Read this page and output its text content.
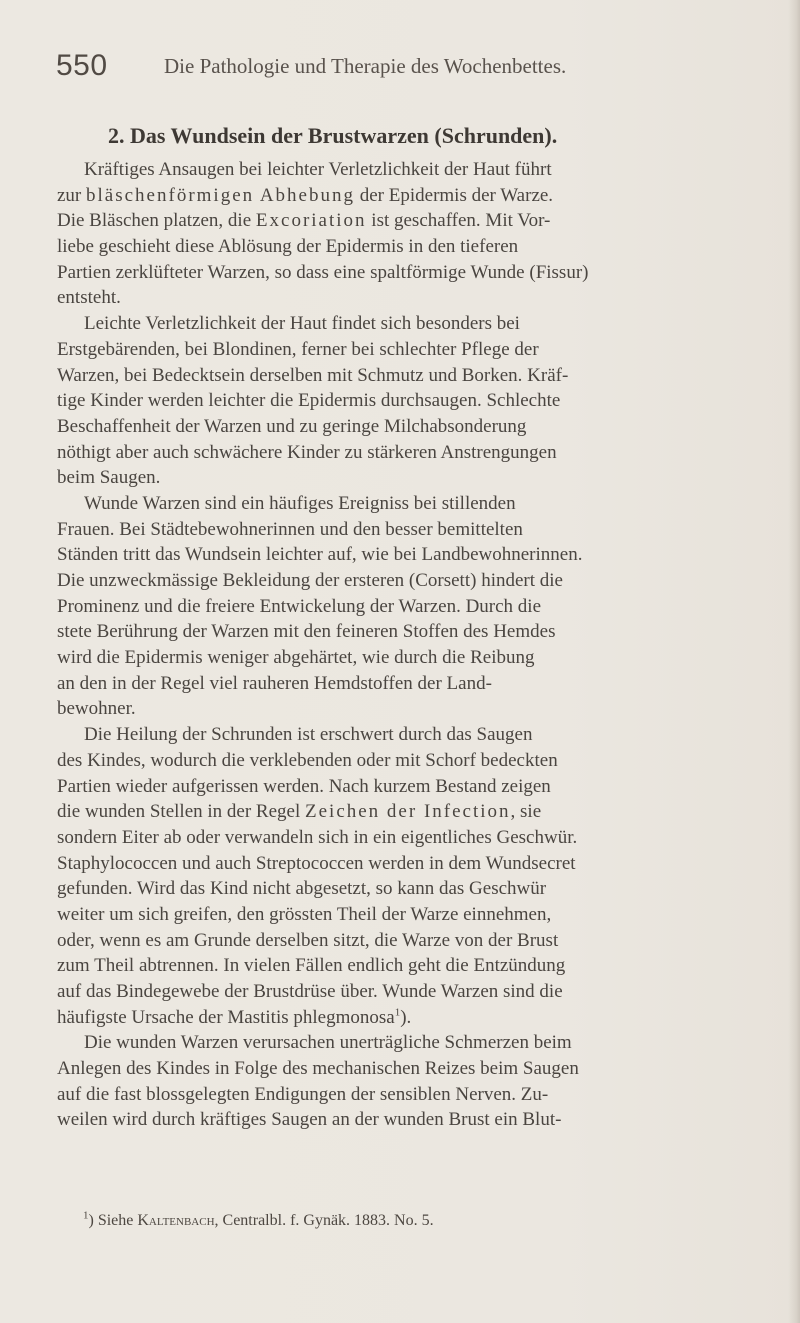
550	Die Pathologie und Therapie des Wochenbettes.
2. Das Wundsein der Brustwarzen (Schrunden).
Kräftiges Ansaugen bei leichter Verletzlichkeit der Haut führt
zur bläschenförmigen Abhebung der Epidermis der Warze.
Die Bläschen platzen, die Excoriation ist geschaffen. Mit Vor-
liebe geschieht diese Ablösung der Epidermis in den tieferen
Partien zerklüfteter Warzen, so dass eine spaltförmige Wunde (Fissur)
entsteht.
Leichte Verletzlichkeit der Haut findet sich besonders bei
Erstgebärenden, bei Blondinen, ferner bei schlechter Pflege der
Warzen, bei Bedecktsein derselben mit Schmutz und Borken. Kräf-
tige Kinder werden leichter die Epidermis durchsaugen. Schlechte
Beschaffenheit der Warzen und zu geringe Milchabsonderung
nöthigt aber auch schwächere Kinder zu stärkeren Anstrengungen
beim Saugen.
Wunde Warzen sind ein häufiges Ereigniss bei stillenden
Frauen. Bei Städtebewohnerinnen und den besser bemittelten
Ständen tritt das Wundsein leichter auf, wie bei Landbewohnerinnen.
Die unzweckmässige Bekleidung der ersteren (Corsett) hindert die
Prominenz und die freiere Entwickelung der Warzen. Durch die
stete Berührung der Warzen mit den feineren Stoffen des Hemdes
wird die Epidermis weniger abgehärtet, wie durch die Reibung
an den in der Regel viel rauheren Hemdstoffen der Land-
bewohner.
Die Heilung der Schrunden ist erschwert durch das Saugen
des Kindes, wodurch die verklebenden oder mit Schorf bedeckten
Partien wieder aufgerissen werden. Nach kurzem Bestand zeigen
die wunden Stellen in der Regel Zeichen der Infection, sie
sondern Eiter ab oder verwandeln sich in ein eigentliches Geschwür.
Staphylococcen und auch Streptococcen werden in dem Wundsecret
gefunden. Wird das Kind nicht abgesetzt, so kann das Geschwür
weiter um sich greifen, den grössten Theil der Warze einnehmen,
oder, wenn es am Grunde derselben sitzt, die Warze von der Brust
zum Theil abtrennen. In vielen Fällen endlich geht die Entzündung
auf das Bindegewebe der Brustdrüse über. Wunde Warzen sind die
häufigste Ursache der Mastitis phlegmonosa$^1$).
Die wunden Warzen verursachen unerträgliche Schmerzen beim
Anlegen des Kindes in Folge des mechanischen Reizes beim Saugen
auf die fast blossgelegten Endigungen der sensiblen Nerven. Zu-
weilen wird durch kräftiges Saugen an der wunden Brust ein Blut-
$^1$) Siehe Kaltenbach, Centralbl. f. Gynäk. 1883. No. 5.
